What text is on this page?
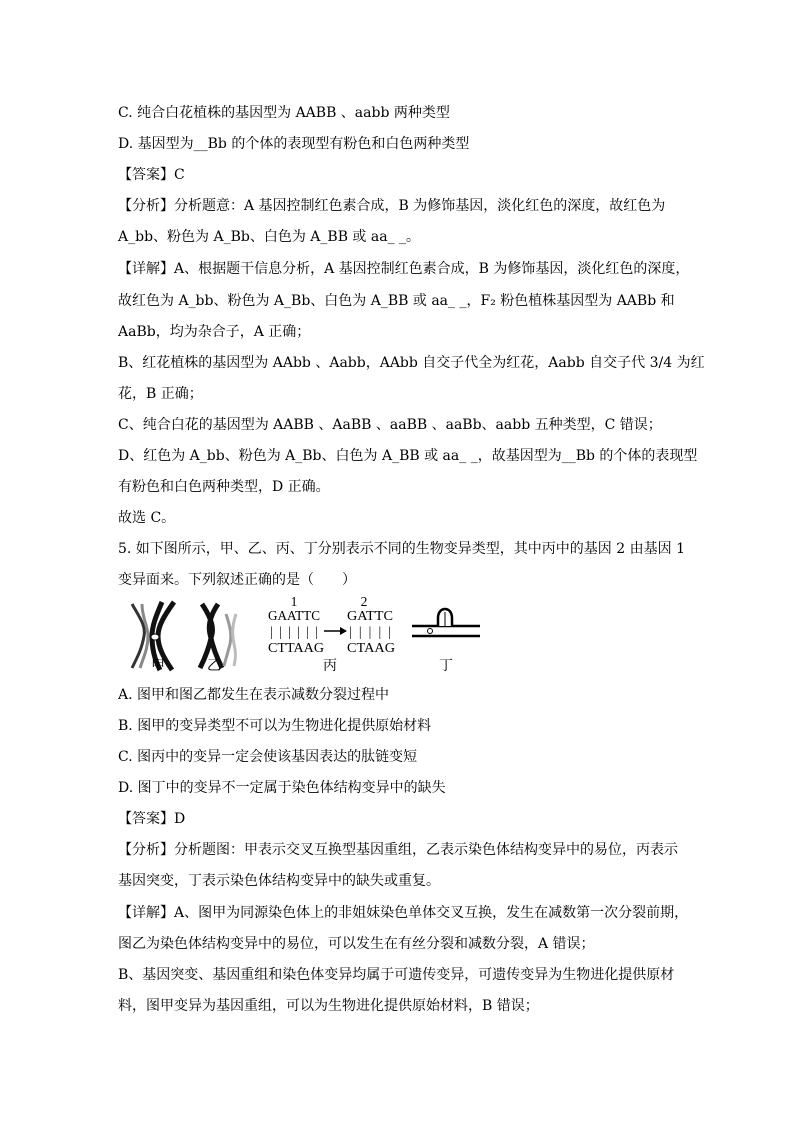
C. 纯合白花植株的基因型为 AABB 、aabb 两种类型
D. 基因型为__Bb 的个体的表现型有粉色和白色两种类型
【答案】C
【分析】分析题意：A 基因控制红色素合成，B 为修饰基因，淡化红色的深度，故红色为
A_bb、粉色为 A_Bb、白色为 A_BB 或 aa_ _。
【详解】A、根据题干信息分析，A 基因控制红色素合成，B 为修饰基因，淡化红色的深度，
故红色为 A_bb、粉色为 A_Bb、白色为 A_BB 或 aa_ _，F₂ 粉色植株基因型为 AABb 和
AaBb，均为杂合子，A 正确；
B、红花植株的基因型为 AAbb 、Aabb，AAbb 自交子代全为红花，Aabb 自交子代 3/4 为红
花，B 正确；
C、纯合白花的基因型为 AABB 、AaBB 、aaBB 、aaBb、aabb 五种类型，C 错误；
D、红色为 A_bb、粉色为 A_Bb、白色为 A_BB 或 aa_ _，故基因型为__Bb 的个体的表现型
有粉色和白色两种类型，D 正确。
故选 C。
5. 如下图所示，甲、乙、丙、丁分别表示不同的生物变异类型，其中丙中的基因 2 由基因 1
变异面来。下列叙述正确的是（　　）
甲	乙
1	2
GAATTC
||||||
CTTAAG
GATTC
|||||
CTAAG
丙	丁
A. 图甲和图乙都发生在表示减数分裂过程中
B. 图甲的变异类型不可以为生物进化提供原始材料
C. 图丙中的变异一定会使该基因表达的肽链变短
D. 图丁中的变异不一定属于染色体结构变异中的缺失
【答案】D
【分析】分析题图：甲表示交叉互换型基因重组，乙表示染色体结构变异中的易位，丙表示
基因突变，丁表示染色体结构变异中的缺失或重复。
【详解】A、图甲为同源染色体上的非姐妹染色单体交叉互换，发生在减数第一次分裂前期，
图乙为染色体结构变异中的易位，可以发生在有丝分裂和减数分裂，A 错误；
B、基因突变、基因重组和染色体变异均属于可遗传变异，可遗传变异为生物进化提供原材
料，图甲变异为基因重组，可以为生物进化提供原始材料，B 错误；
